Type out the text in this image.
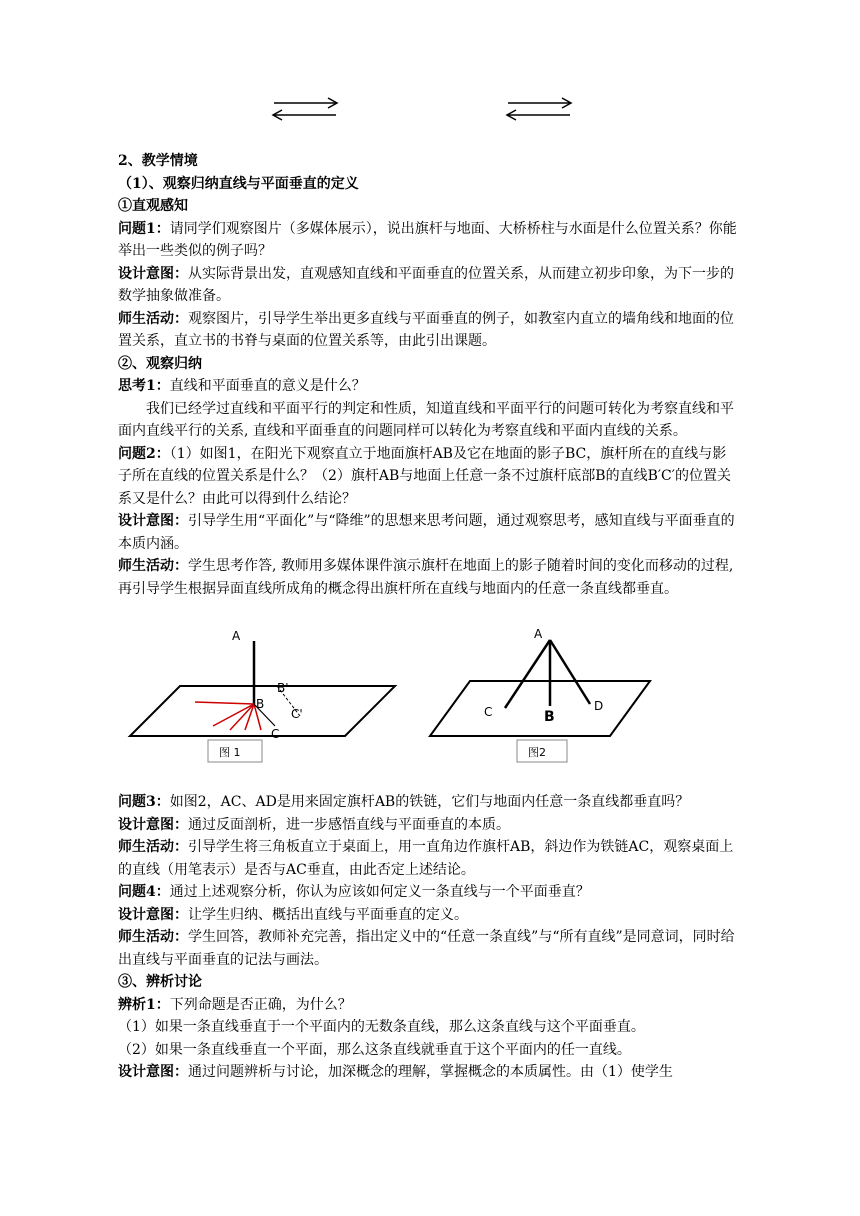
2、教学情境

（1）、观察归纳直线与平面垂直的定义

①直观感知

问题1：请同学们观察图片（多媒体展示），说出旗杆与地面、大桥桥柱与水面是什么位置关系？你能举出一些类似的例子吗？

设计意图：从实际背景出发，直观感知直线和平面垂直的位置关系，从而建立初步印象，为下一步的数学抽象做准备。

师生活动：观察图片，引导学生举出更多直线与平面垂直的例子，如教室内直立的墙角线和地面的位置关系，直立书的书脊与桌面的位置关系等，由此引出课题。

②、观察归纳

思考1：直线和平面垂直的意义是什么？

我们已经学过直线和平面平行的判定和性质，知道直线和平面平行的问题可转化为考察直线和平面内直线平行的关系, 直线和平面垂直的问题同样可以转化为考察直线和平面内直线的关系。

问题2：（1）如图1，在阳光下观察直立于地面旗杆AB及它在地面的影子BC，旗杆所在的直线与影子所在直线的位置关系是什么？（2）旗杆AB与地面上任意一条不过旗杆底部B的直线B′C′的位置关系又是什么？由此可以得到什么结论？

设计意图：引导学生用“平面化”与“降维”的思想来思考问题，通过观察思考，感知直线与平面垂直的本质内涵。

师生活动：学生思考作答, 教师用多媒体课件演示旗杆在地面上的影子随着时间的变化而移动的过程,再引导学生根据异面直线所成角的概念得出旗杆所在直线与地面内的任意一条直线都垂直。

A
B
C
B'
C'
图 1
A
B
C	D
图2

问题3：如图2，AC、AD是用来固定旗杆AB的铁链，它们与地面内任意一条直线都垂直吗？

设计意图：通过反面剖析，进一步感悟直线与平面垂直的本质。

师生活动：引导学生将三角板直立于桌面上，用一直角边作旗杆AB，斜边作为铁链AC，观察桌面上的直线（用笔表示）是否与AC垂直，由此否定上述结论。

问题4：通过上述观察分析，你认为应该如何定义一条直线与一个平面垂直？

设计意图：让学生归纳、概括出直线与平面垂直的定义。

师生活动：学生回答，教师补充完善，指出定义中的“任意一条直线”与“所有直线”是同意词，同时给出直线与平面垂直的记法与画法。

③、辨析讨论

辨析1：下列命题是否正确，为什么？

（1）如果一条直线垂直于一个平面内的无数条直线，那么这条直线与这个平面垂直。

（2）如果一条直线垂直一个平面，那么这条直线就垂直于这个平面内的任一直线。

设计意图：通过问题辨析与讨论，加深概念的理解，掌握概念的本质属性。由（1）使学生
